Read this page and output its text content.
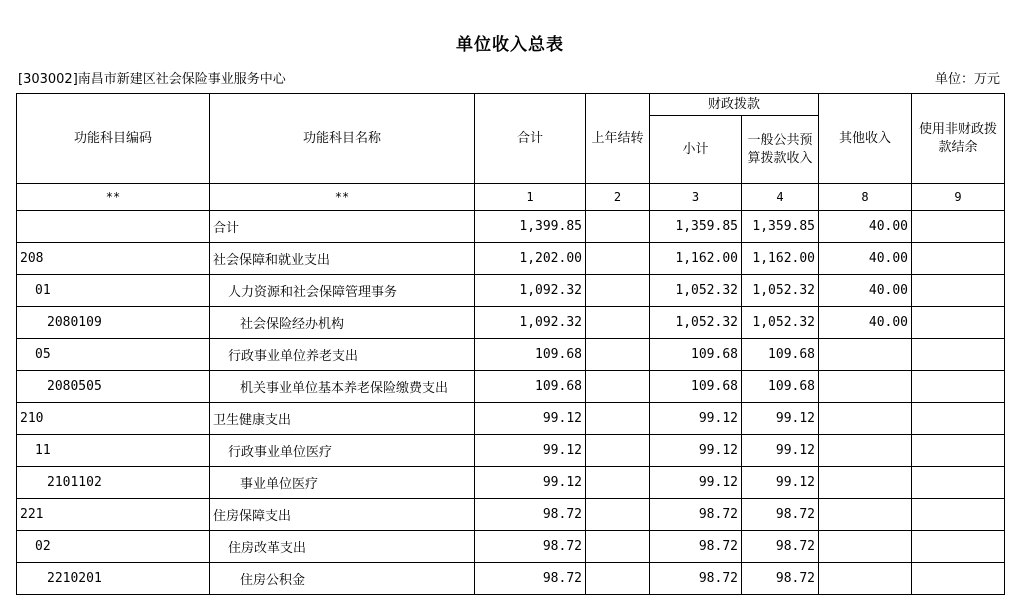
单位收入总表
[303002]南昌市新建区社会保险事业服务中心	单位：万元
功能科目编码	功能科目名称	合计	上年结转	财政拨款		其他收入	使用非财政拨款结余
				小计	一般公共预算拨款收入		
**	**	1	2	3	4	8	9
	合计	1,399.85		1,359.85	1,359.85	40.00	
208	社会保障和就业支出	1,202.00		1,162.00	1,162.00	40.00	
01	人力资源和社会保障管理事务	1,092.32		1,052.32	1,052.32	40.00	
2080109	社会保险经办机构	1,092.32		1,052.32	1,052.32	40.00	
05	行政事业单位养老支出	109.68		109.68	109.68		
2080505	机关事业单位基本养老保险缴费支出	109.68		109.68	109.68		
210	卫生健康支出	99.12		99.12	99.12		
11	行政事业单位医疗	99.12		99.12	99.12		
2101102	事业单位医疗	99.12		99.12	99.12		
221	住房保障支出	98.72		98.72	98.72		
02	住房改革支出	98.72		98.72	98.72		
2210201	住房公积金	98.72		98.72	98.72		
